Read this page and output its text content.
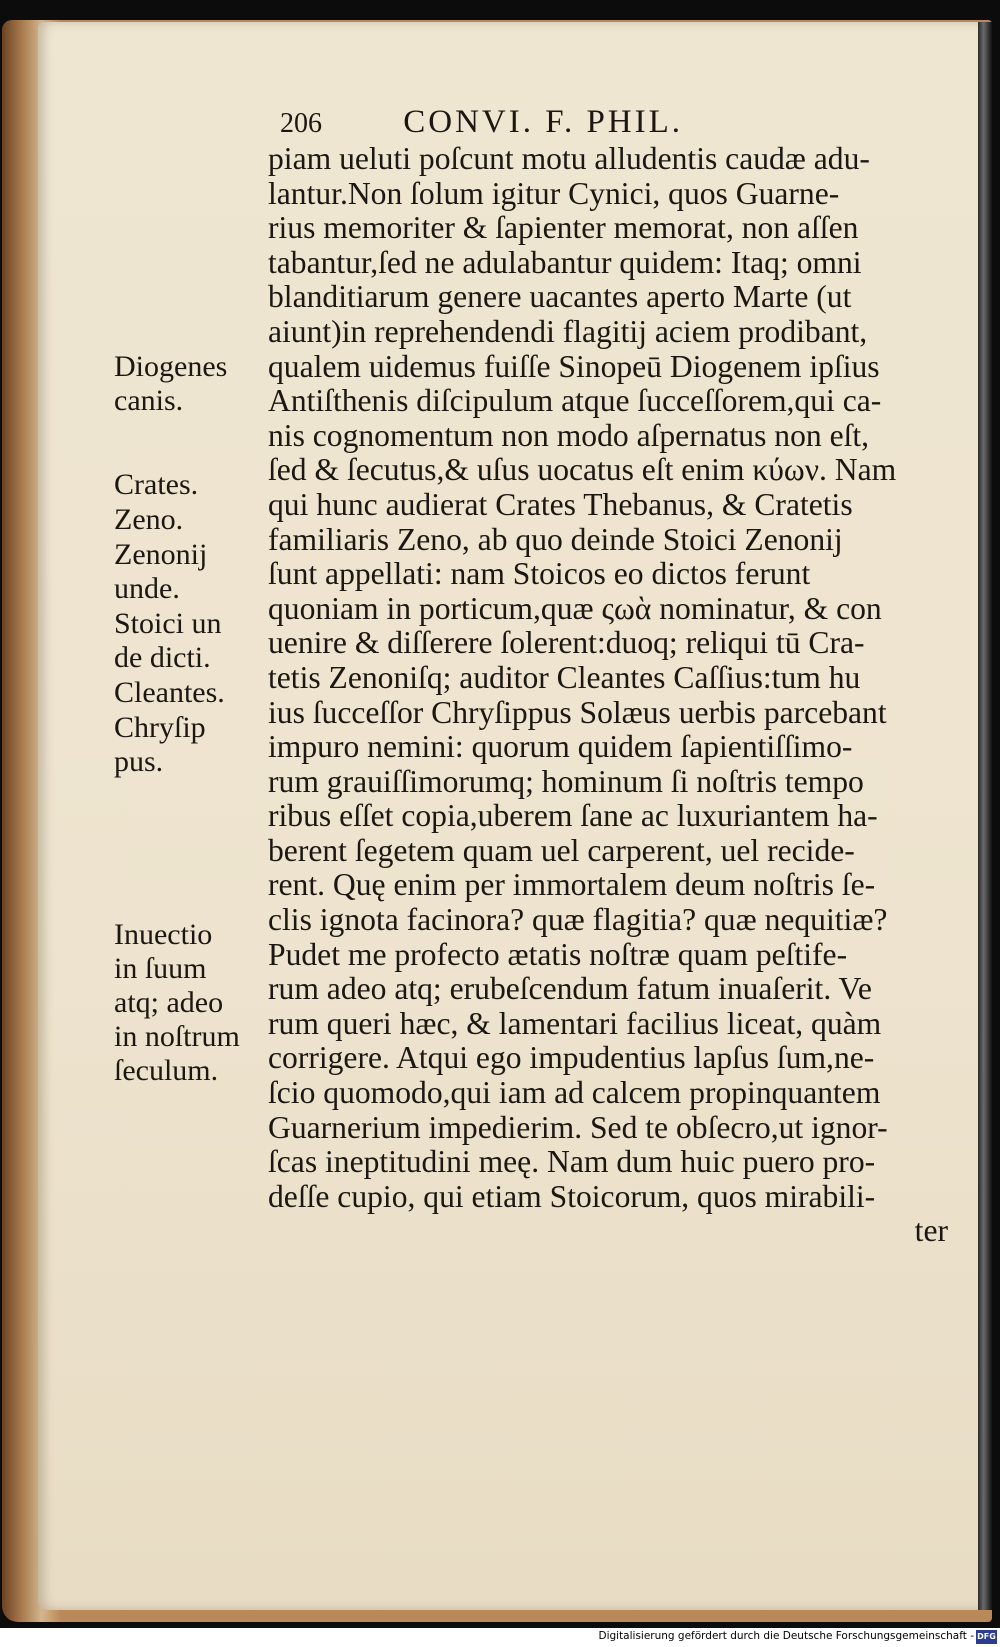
206 CONVI. F. PHIL.
piam ueluti poſcunt motu alludentis caudæ adu-
lantur.Non ſolum igitur Cynici, quos Guarne-
rius memoriter & ſapienter memorat, non aſſen
tabantur,ſed ne adulabantur quidem: Itaq; omni
blanditiarum genere uacantes aperto Marte (ut
aiunt)in reprehendendi flagitij aciem prodibant,
qualem uidemus fuiſſe Sinopeū Diogenem ipſius
Antiſthenis diſcipulum atque ſucceſſorem,qui ca-
nis cognomentum non modo aſpernatus non eſt,
ſed & ſecutus,& uſus uocatus eſt enim κύων. Nam
qui hunc audierat Crates Thebanus, & Cratetis
familiaris Zeno, ab quo deinde Stoici Zenonij
ſunt appellati: nam Stoicos eo dictos ferunt
quoniam in porticum,quæ ςωὰ nominatur, & con
uenire & diſſerere ſolerent:duoq; reliqui tū Cra-
tetis Zenoniſq; auditor Cleantes Caſſius:tum hu
ius ſucceſſor Chryſippus Solæus uerbis parcebant
impuro nemini: quorum quidem ſapientiſſimo-
rum grauiſſimorumq; hominum ſi noſtris tempo
ribus eſſet copia,uberem ſane ac luxuriantem ha-
berent ſegetem quam uel carperent, uel recide-
rent. Quę enim per immortalem deum noſtris ſe-
clis ignota facinora? quæ flagitia? quæ nequitiæ?
Pudet me profecto ætatis noſtræ quam peſtife-
rum adeo atq; erubeſcendum fatum inuaſerit. Ve
rum queri hæc, & lamentari facilius liceat, quàm
corrigere. Atqui ego impudentius lapſus ſum,ne-
ſcio quomodo,qui iam ad calcem propinquantem
Guarnerium impedierim. Sed te obſecro,ut ignor-
ſcas ineptitudini meę. Nam dum huic puero pro-
deſſe cupio, qui etiam Stoicorum, quos mirabili-
ter
Diogenes
canis.
Crates.
Zeno.
Zenonij
unde.
Stoici un
de dicti.
Cleantes.
Chryſip
pus.
Inuectio
in ſuum
atq; adeo
in noſtrum
ſeculum.
Digitalisierung gefördert durch die Deutsche Forschungsgemeinschaft - DFG
